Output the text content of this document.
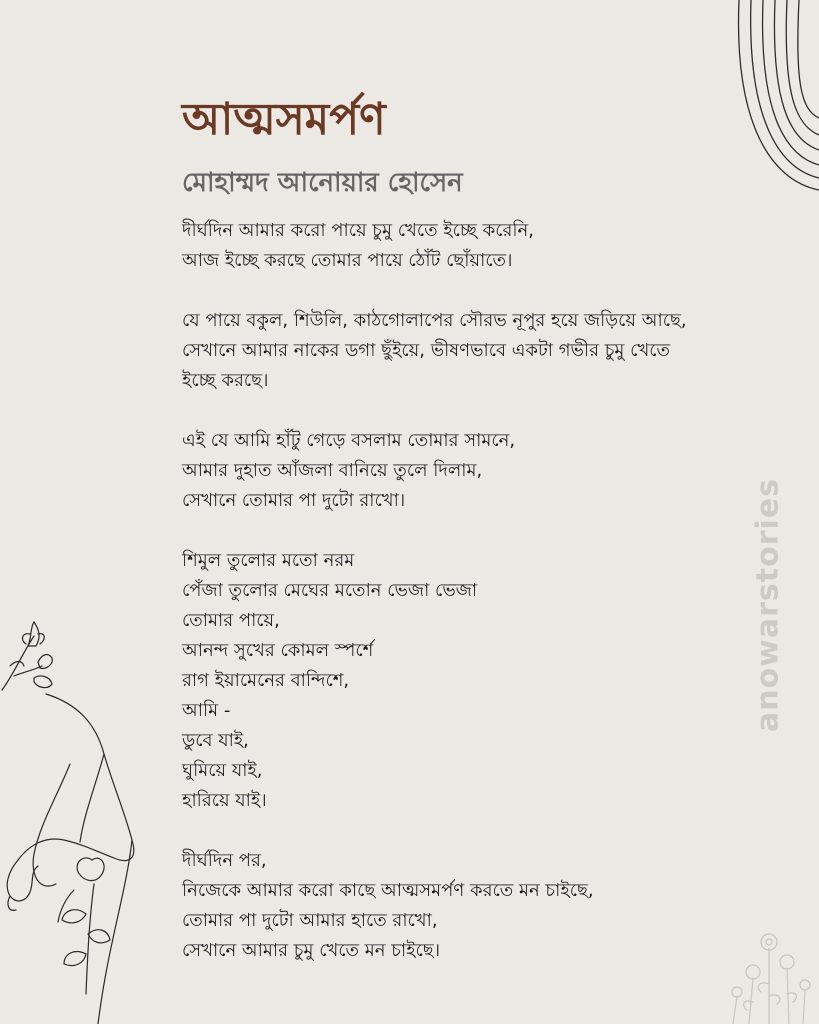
আত্মসমর্পণ
মোহাম্মদ আনোয়ার হোসেন

দীর্ঘদিন আমার করো পায়ে চুমু খেতে ইচ্ছে করেনি,
আজ ইচ্ছে করছে তোমার পায়ে ঠোঁট ছোঁয়াতে।

যে পায়ে বকুল, শিউলি, কাঠগোলাপের সৌরভ নূপুর হয়ে জড়িয়ে আছে,
সেখানে আমার নাকের ডগা ছুঁইয়ে, ভীষণভাবে একটা গভীর চুমু খেতে
ইচ্ছে করছে।

এই যে আমি হাঁটু গেড়ে বসলাম তোমার সামনে,
আমার দুহাত আঁজলা বানিয়ে তুলে দিলাম,
সেখানে তোমার পা দুটো রাখো।

শিমুল তুলোর মতো নরম
পেঁজা তুলোর মেঘের মতোন ভেজা ভেজা
তোমার পায়ে,
আনন্দ সুখের কোমল স্পর্শে
রাগ ইয়ামেনের বান্দিশে,
আমি -
ডুবে যাই,
ঘুমিয়ে যাই,
হারিয়ে যাই।

দীর্ঘদিন পর,
নিজেকে আমার করো কাছে আত্মসমর্পণ করতে মন চাইছে,
তোমার পা দুটো আমার হাতে রাখো,
সেখানে আমার চুমু খেতে মন চাইছে।

anowarstories
